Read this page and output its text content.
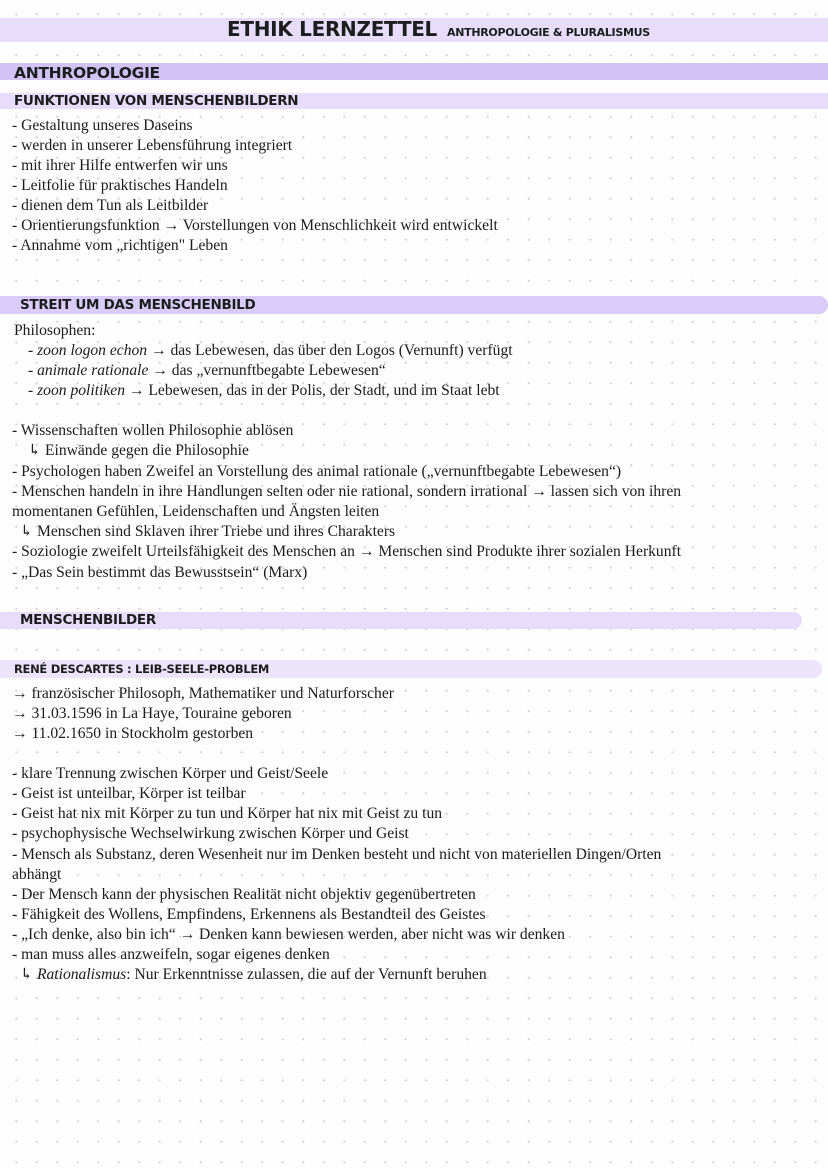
ETHIK LERNZETTEL ANTHROPOLOGIE & PLURALISMUS
ANTHROPOLOGIE
FUNKTIONEN VON MENSCHENBILDERN
- Gestaltung unseres Daseins
- werden in unserer Lebensführung integriert
- mit ihrer Hilfe entwerfen wir uns
- Leitfolie für praktisches Handeln
- dienen dem Tun als Leitbilder
- Orientierungsfunktion → Vorstellungen von Menschlichkeit wird entwickelt
- Annahme vom „richtigen" Leben
STREIT UM DAS MENSCHENBILD
Philosophen:
- zoon logon echon → das Lebewesen, das über den Logos (Vernunft) verfügt
- animale rationale → das „vernunftbegabte Lebewesen“
- zoon politiken → Lebewesen, das in der Polis, der Stadt, und im Staat lebt
- Wissenschaften wollen Philosophie ablösen
↳ Einwände gegen die Philosophie
- Psychologen haben Zweifel an Vorstellung des animal rationale („vernunftbegabte Lebewesen“)
- Menschen handeln in ihre Handlungen selten oder nie rational, sondern irrational → lassen sich von ihren
momentanen Gefühlen, Leidenschaften und Ängsten leiten
↳ Menschen sind Sklaven ihrer Triebe und ihres Charakters
- Soziologie zweifelt Urteilsfähigkeit des Menschen an → Menschen sind Produkte ihrer sozialen Herkunft
- „Das Sein bestimmt das Bewusstsein“ (Marx)
MENSCHENBILDER
RENÉ DESCARTES : LEIB-SEELE-PROBLEM
→ französischer Philosoph, Mathematiker und Naturforscher
→ 31.03.1596 in La Haye, Touraine geboren
→ 11.02.1650 in Stockholm gestorben
- klare Trennung zwischen Körper und Geist/Seele
- Geist ist unteilbar, Körper ist teilbar
- Geist hat nix mit Körper zu tun und Körper hat nix mit Geist zu tun
- psychophysische Wechselwirkung zwischen Körper und Geist
- Mensch als Substanz, deren Wesenheit nur im Denken besteht und nicht von materiellen Dingen/Orten
abhängt
- Der Mensch kann der physischen Realität nicht objektiv gegenübertreten
- Fähigkeit des Wollens, Empfindens, Erkennens als Bestandteil des Geistes
- „Ich denke, also bin ich“ → Denken kann bewiesen werden, aber nicht was wir denken
- man muss alles anzweifeln, sogar eigenes denken
↳ Rationalismus: Nur Erkenntnisse zulassen, die auf der Vernunft beruhen
